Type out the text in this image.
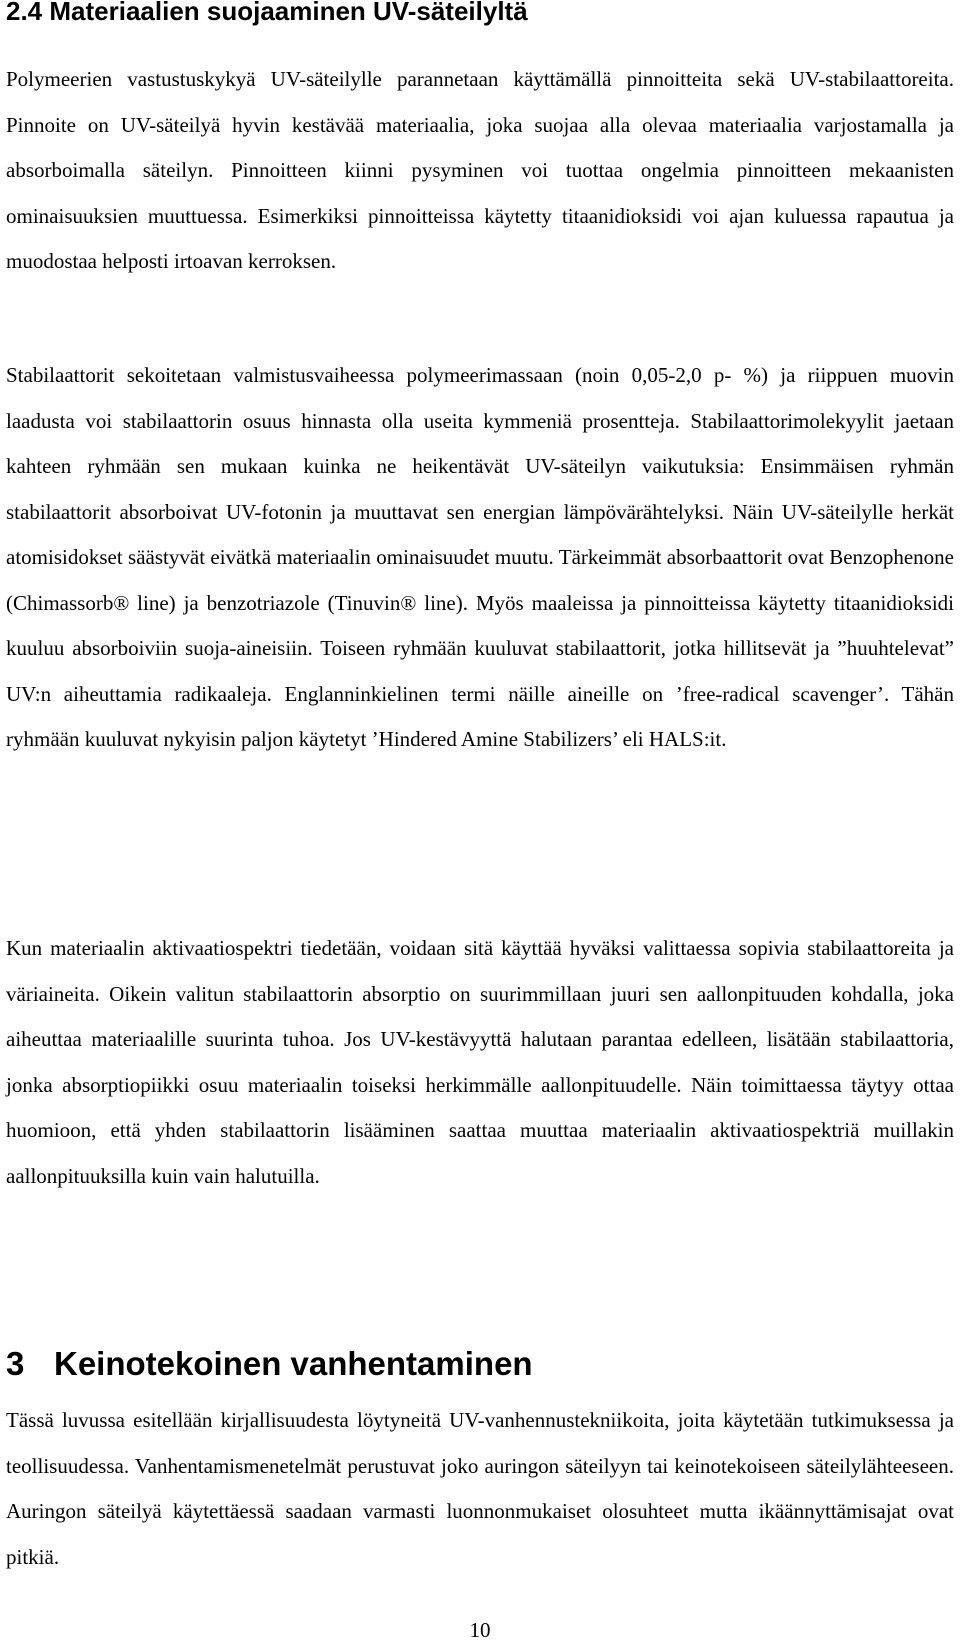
2.4 Materiaalien suojaaminen UV-säteilyltä

Polymeerien vastustuskykyä UV-säteilylle parannetaan käyttämällä pinnoitteita sekä UV-stabilaattoreita. Pinnoite on UV-säteilyä hyvin kestävää materiaalia, joka suojaa alla olevaa materiaalia varjostamalla ja absorboimalla säteilyn. Pinnoitteen kiinni pysyminen voi tuottaa ongelmia pinnoitteen mekaanisten ominaisuuksien muuttuessa. Esimerkiksi pinnoitteissa käytetty titaanidioksidi voi ajan kuluessa rapautua ja muodostaa helposti irtoavan kerroksen.

Stabilaattorit sekoitetaan valmistusvaiheessa polymeerimassaan (noin 0,05-2,0 p- %) ja riippuen muovin laadusta voi stabilaattorin osuus hinnasta olla useita kymmeniä prosentteja. Stabilaattorimolekyylit jaetaan kahteen ryhmään sen mukaan kuinka ne heikentävät UV-säteilyn vaikutuksia: Ensimmäisen ryhmän stabilaattorit absorboivat UV-fotonin ja muuttavat sen energian lämpövärähtelyksi. Näin UV-säteilylle herkät atomisidokset säästyvät eivätkä materiaalin ominaisuudet muutu. Tärkeimmät absorbaattorit ovat Benzophenone (Chimassorb® line) ja benzotriazole (Tinuvin® line). Myös maaleissa ja pinnoitteissa käytetty titaanidioksidi kuuluu absorboiviin suoja-aineisiin. Toiseen ryhmään kuuluvat stabilaattorit, jotka hillitsevät ja ”huuhtelevat” UV:n aiheuttamia radikaaleja. Englanninkielinen termi näille aineille on ’free-radical scavenger’. Tähän ryhmään kuuluvat nykyisin paljon käytetyt ’Hindered Amine Stabilizers’ eli HALS:it.

Kun materiaalin aktivaatiospektri tiedetään, voidaan sitä käyttää hyväksi valittaessa sopivia stabilaattoreita ja väriaineita. Oikein valitun stabilaattorin absorptio on suurimmillaan juuri sen aallonpituuden kohdalla, joka aiheuttaa materiaalille suurinta tuhoa. Jos UV-kestävyyttä halutaan parantaa edelleen, lisätään stabilaattoria, jonka absorptiopiikki osuu materiaalin toiseksi herkimmälle aallonpituudelle. Näin toimittaessa täytyy ottaa huomioon, että yhden stabilaattorin lisääminen saattaa muuttaa materiaalin aktivaatiospektriä muillakin aallonpituuksilla kuin vain halutuilla.

3 Keinotekoinen vanhentaminen

Tässä luvussa esitellään kirjallisuudesta löytyneitä UV-vanhennustekniikoita, joita käytetään tutkimuksessa ja teollisuudessa. Vanhentamismenetelmät perustuvat joko auringon säteilyyn tai keinotekoiseen säteilylähteeseen. Auringon säteilyä käytettäessä saadaan varmasti luonnonmukaiset olosuhteet mutta ikäännyttämisajat ovat pitkiä.

10
